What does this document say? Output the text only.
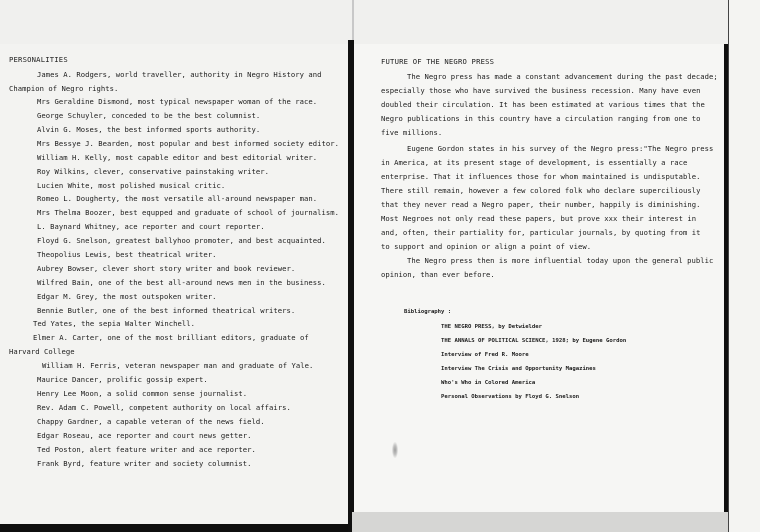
PERSONALITIES
James A. Rodgers, world traveller, authority in Negro History and
Champion of Negro rights.
Mrs Geraldine Dismond, most typical newspaper woman of the race.
George Schuyler, conceded to be the best columnist.
Alvin G. Moses, the best informed sports authority.
Mrs Bessye J. Bearden, most popular and best informed society editor.
William H. Kelly, most capable editor and best editorial writer.
Roy Wilkins, clever, conservative painstaking writer.
Lucien White, most polished musical critic.
Romeo L. Dougherty, the most versatile all-around newspaper man.
Mrs Thelma Boozer, best equpped and graduate of school of journalism.
L. Baynard Whitney, ace reporter and court reporter.
Floyd G. Snelson, greatest ballyhoo promoter, and best acquainted.
Theopolius Lewis, best theatrical writer.
Aubrey Bowser, clever short story writer and book reviewer.
Wilfred Bain, one of the best all-around news men in the business.
Edgar M. Grey, the most outspoken writer.
Bennie Butler, one of the best informed theatrical writers.
Ted Yates, the sepia Walter Winchell.
Elmer A. Carter, one of the most brilliant editors, graduate of
Harvard College
William H. Ferris, veteran newspaper man and graduate of Yale.
Maurice Dancer, prolific gossip expert.
Henry Lee Moon, a solid common sense journalist.
Rev. Adam C. Powell, competent authority on local affairs.
Chappy Gardner, a capable veteran of the news field.
Edgar Roseau, ace reporter and court news getter.
Ted Poston, alert feature writer and ace reporter.
Frank Byrd, feature writer and society columnist.
FUTURE OF THE NEGRO PRESS
The Negro press has made a constant advancement during the past decade;
especially those who have survived the business recession. Many have even
doubled their circulation. It has been estimated at various times that the
Negro publications in this country have a circulation ranging from one to
five millions.
Eugene Gordon states in his survey of the Negro press:"The Negro press
in America, at its present stage of development, is essentially a race
enterprise. That it influences those for whom maintained is undisputable.
There still remain, however a few colored folk who declare superciliously
that they never read a Negro paper, their number, happily is diminishing.
Most Negroes not only read these papers, but prove xxx their interest in
and, often, their partiality for, particular journals, by quoting from it
to support and opinion or align a point of view.
The Negro press then is more influential today upon the general public
opinion, than ever before.
Bibliography :
THE NEGRO PRESS, by Detwielder
THE ANNALS OF POLITICAL SCIENCE, 1928; by Eugene Gordon
Interview of Fred R. Moore
Interview The Crisis and Opportunity Magazines
Who's Who in Colored America
Personal Observations by Floyd G. Snelson
